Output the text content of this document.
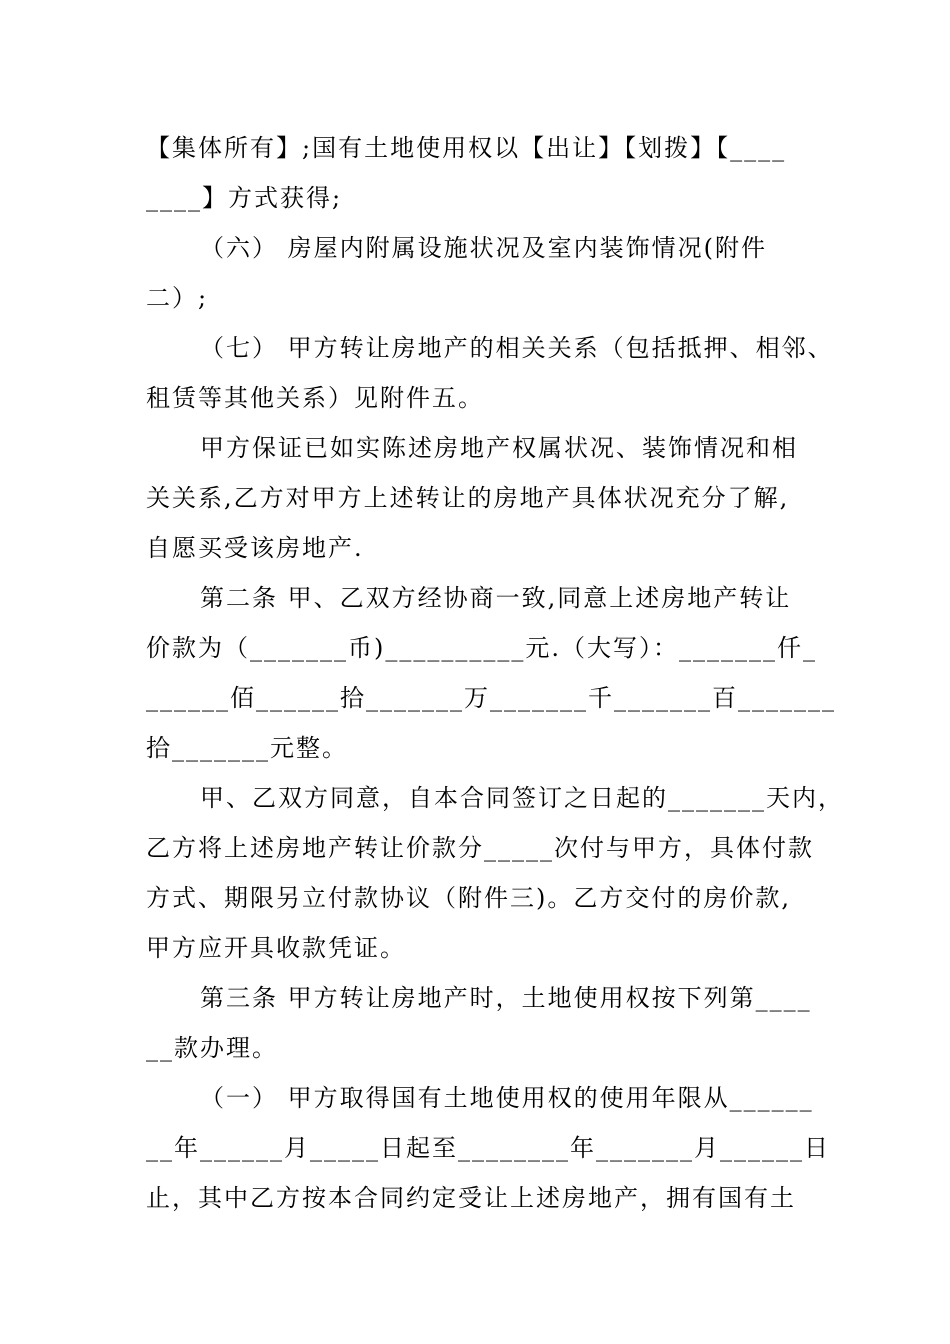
【集体所有】;国有土地使用权以【出让】【划拨】【____
____】方式获得;
（六） 房屋内附属设施状况及室内装饰情况(附件
二）;
（七） 甲方转让房地产的相关关系（包括抵押、相邻、
租赁等其他关系）见附件五。
甲方保证已如实陈述房地产权属状况、装饰情况和相
关关系,乙方对甲方上述转让的房地产具体状况充分了解,
自愿买受该房地产.
第二条 甲、乙双方经协商一致,同意上述房地产转让
价款为（_______币)__________元.（大写）：_______仟_
______佰______拾_______万_______千_______百_______
拾_______元整。
甲、乙双方同意，自本合同签订之日起的_______天内，
乙方将上述房地产转让价款分_____次付与甲方，具体付款
方式、期限另立付款协议（附件三)。乙方交付的房价款,
甲方应开具收款凭证。
第三条 甲方转让房地产时，土地使用权按下列第____
__款办理。
（一） 甲方取得国有土地使用权的使用年限从______
__年______月_____日起至________年_______月______日
止，其中乙方按本合同约定受让上述房地产，拥有国有土
